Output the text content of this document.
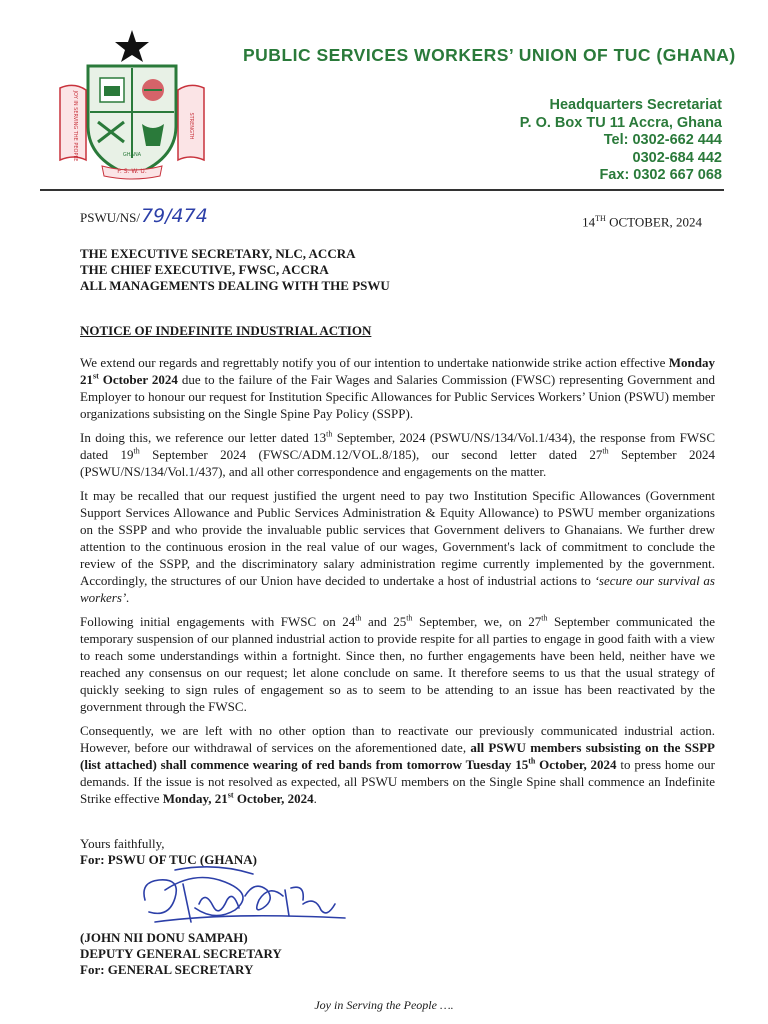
JOY IN SERVING THE PEOPLE	STRENGTH
P. S. W. U.
GHANA
PUBLIC SERVICES WORKERS’ UNION OF TUC (GHANA)
Headquarters Secretariat
P. O. Box TU 11 Accra, Ghana
Tel: 0302-662 444
0302-684 442
Fax: 0302 667 068
PSWU/NS/ 79/474	14TH OCTOBER, 2024
THE EXECUTIVE SECRETARY, NLC, ACCRA
THE CHIEF EXECUTIVE, FWSC, ACCRA
ALL MANAGEMENTS DEALING WITH THE PSWU
NOTICE OF INDEFINITE INDUSTRIAL ACTION

We extend our regards and regrettably notify you of our intention to undertake nationwide strike action effective Monday 21st October 2024 due to the failure of the Fair Wages and Salaries Commission (FWSC) representing Government and Employer to honour our request for Institution Specific Allowances for Public Services Workers’ Union (PSWU) member organizations subsisting on the Single Spine Pay Policy (SSPP).

In doing this, we reference our letter dated 13th September, 2024 (PSWU/NS/134/Vol.1/434), the response from FWSC dated 19th September 2024 (FWSC/ADM.12/VOL.8/185), our second letter dated 27th September 2024 (PSWU/NS/134/Vol.1/437), and all other correspondence and engagements on the matter.

It may be recalled that our request justified the urgent need to pay two Institution Specific Allowances (Government Support Services Allowance and Public Services Administration & Equity Allowance) to PSWU member organizations on the SSPP and who provide the invaluable public services that Government delivers to Ghanaians. We further drew attention to the continuous erosion in the real value of our wages, Government's lack of commitment to conclude the review of the SSPP, and the discriminatory salary administration regime currently implemented by the government. Accordingly, the structures of our Union have decided to undertake a host of industrial actions to ‘secure our survival as workers’.

Following initial engagements with FWSC on 24th and 25th September, we, on 27th September communicated the temporary suspension of our planned industrial action to provide respite for all parties to engage in good faith with a view to reach some understandings within a fortnight. Since then, no further engagements have been held, neither have we reached any consensus on our request; let alone conclude on same. It therefore seems to us that the usual strategy of quickly seeking to sign rules of engagement so as to seem to be attending to an issue has been reactivated by the government through the FWSC.

Consequently, we are left with no other option than to reactivate our previously communicated industrial action. However, before our withdrawal of services on the aforementioned date, all PSWU members subsisting on the SSPP (list attached) shall commence wearing of red bands from tomorrow Tuesday 15th October, 2024 to press home our demands. If the issue is not resolved as expected, all PSWU members on the Single Spine shall commence an Indefinite Strike effective Monday, 21st October, 2024.

Yours faithfully,
For: PSWU OF TUC (GHANA)
(JOHN NII DONU SAMPAH)
DEPUTY GENERAL SECRETARY
For: GENERAL SECRETARY
Joy in Serving the People ….
